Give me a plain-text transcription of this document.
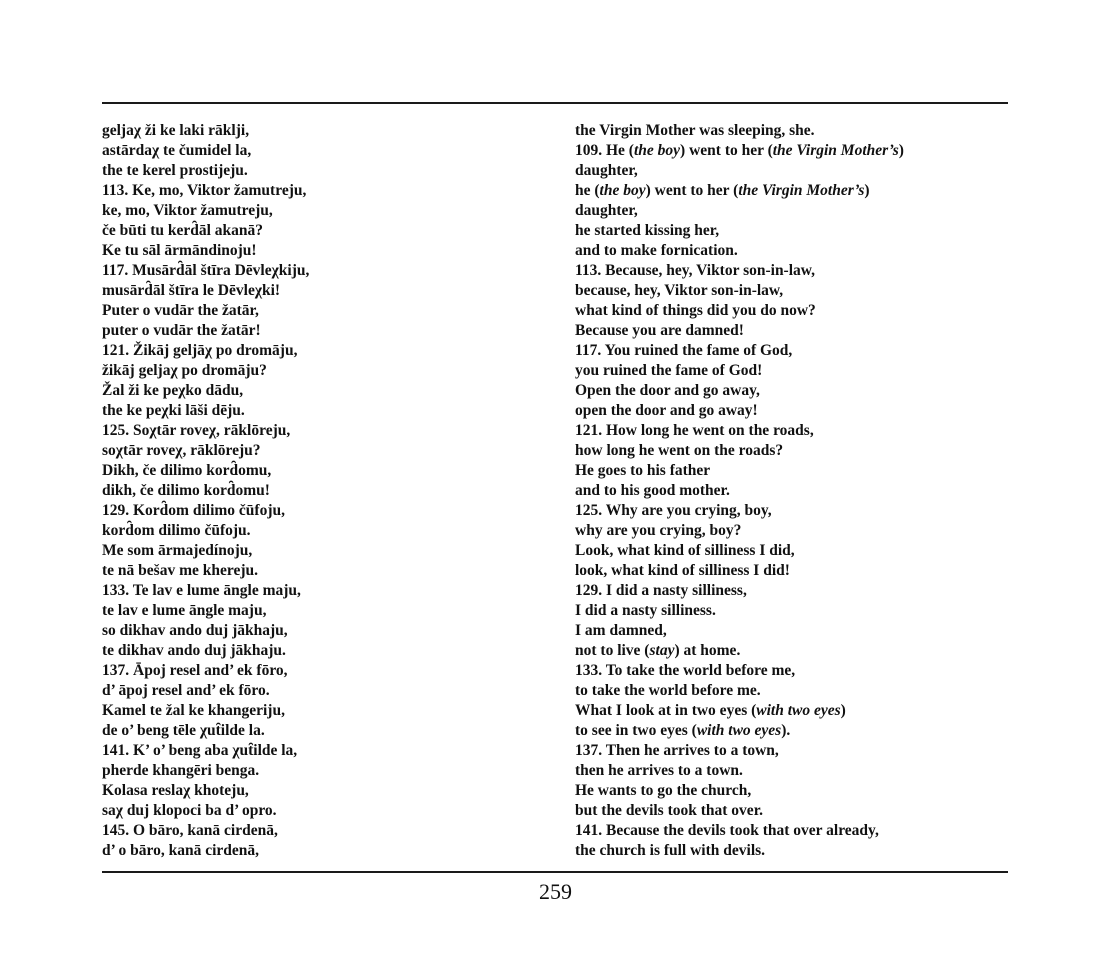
geljaχ ži ke laki rāklji,
astārdaχ te čumidel la,
the te kerel prostijeju.
113. Ke, mo, Viktor žamutreju,
ke, mo, Viktor žamutreju,
če būti tu kerd̑āl akanā?
Ke tu sāl ārmāndinoju!
117. Musārd̑āl štīra Dēvleχkiju,
musārd̑āl štīra le Dēvleχki!
Puter o vudār the žatār,
puter o vudār the žatār!
121. Žikāj geljāχ po dromāju,
žikāj geljaχ po dromāju?
Žal ži ke peχko dādu,
the ke peχki lāši dēju.
125. Soχtār roveχ, rāklōreju,
soχtār roveχ, rāklōreju?
Dikh, če dilimo kord̑omu,
dikh, če dilimo kord̑omu!
129. Kord̑om dilimo čūfoju,
kord̑om dilimo čūfoju.
Me som ārmajedínoju,
te nā bešav me khereju.
133. Te lav e lume āngle maju,
te lav e lume āngle maju,
so dikhav ando duj jākhaju,
te dikhav ando duj jākhaju.
137. Āpoj resel and’ ek fōro,
d’ āpoj resel and’ ek fōro.
Kamel te žal ke khangeriju,
de o’ beng tēle χut̑ilde la.
141. K’ o’ beng aba χut̑ilde la,
pherde khangēri benga.
Kolasa reslaχ khoteju,
saχ duj klopoci ba d’ opro.
145. O bāro, kanā cirdenā,
d’ o bāro, kanā cirdenā,
the Virgin Mother was sleeping, she.
109. He (the boy) went to her (the Virgin Mother’s)
daughter,
he (the boy) went to her (the Virgin Mother’s)
daughter,
he started kissing her,
and to make fornication.
113. Because, hey, Viktor son-in-law,
because, hey, Viktor son-in-law,
what kind of things did you do now?
Because you are damned!
117. You ruined the fame of God,
you ruined the fame of God!
Open the door and go away,
open the door and go away!
121. How long he went on the roads,
how long he went on the roads?
He goes to his father
and to his good mother.
125. Why are you crying, boy,
why are you crying, boy?
Look, what kind of silliness I did,
look, what kind of silliness I did!
129. I did a nasty silliness,
I did a nasty silliness.
I am damned,
not to live (stay) at home.
133. To take the world before me,
to take the world before me.
What I look at in two eyes (with two eyes)
to see in two eyes (with two eyes).
137. Then he arrives to a town,
then he arrives to a town.
He wants to go the church,
but the devils took that over.
141. Because the devils took that over already,
the church is full with devils.
259
